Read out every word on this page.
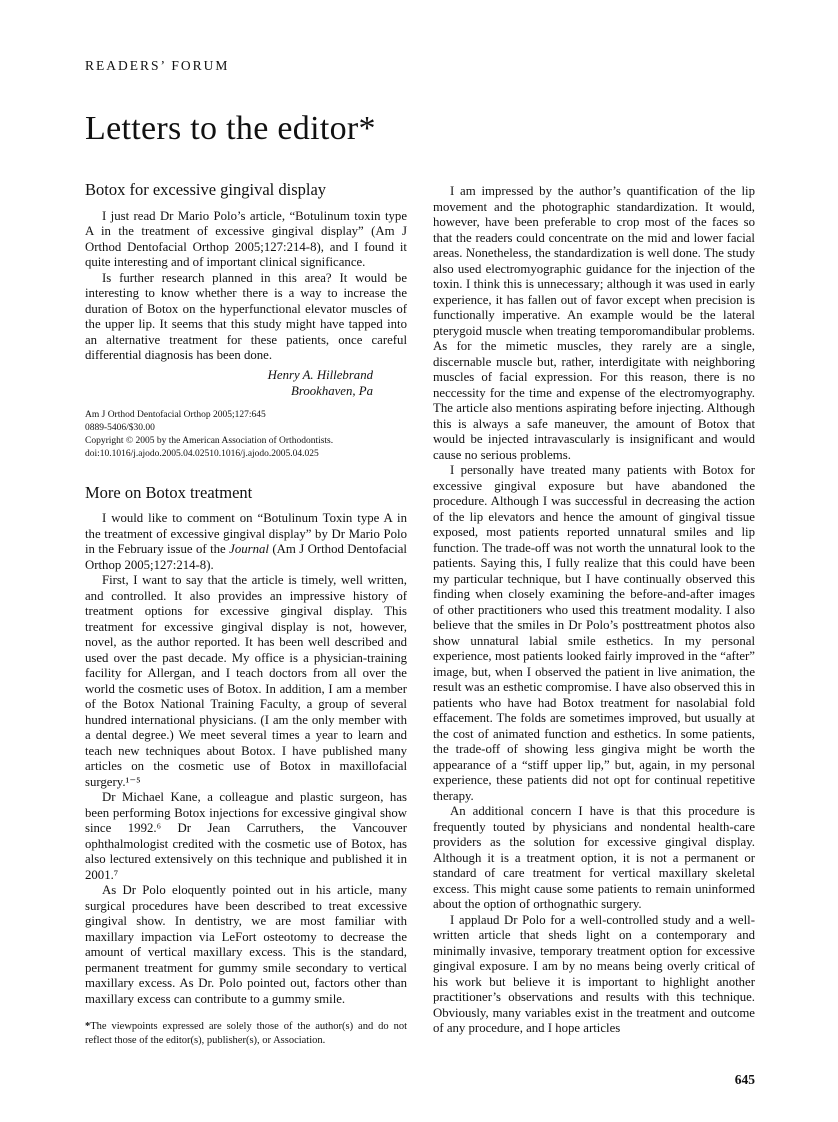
READERS’ FORUM
Letters to the editor*
Botox for excessive gingival display

I just read Dr Mario Polo’s article, “Botulinum toxin type A in the treatment of excessive gingival display” (Am J Orthod Dentofacial Orthop 2005;127:214-8), and I found it quite interesting and of important clinical significance.

Is further research planned in this area? It would be interesting to know whether there is a way to increase the duration of Botox on the hyperfunctional elevator muscles of the upper lip. It seems that this study might have tapped into an alternative treatment for these patients, once careful differential diagnosis has been done.

Henry A. Hillebrand
Brookhaven, Pa
Am J Orthod Dentofacial Orthop 2005;127:645
0889-5406/$30.00
Copyright © 2005 by the American Association of Orthodontists.
doi:10.1016/j.ajodo.2005.04.02510.1016/j.ajodo.2005.04.025
More on Botox treatment

I would like to comment on “Botulinum Toxin type A in the treatment of excessive gingival display” by Dr Mario Polo in the February issue of the Journal (Am J Orthod Dentofacial Orthop 2005;127:214-8).

First, I want to say that the article is timely, well written, and controlled. It also provides an impressive history of treatment options for excessive gingival display. This treatment for excessive gingival display is not, however, novel, as the author reported. It has been well described and used over the past decade. My office is a physician-training facility for Allergan, and I teach doctors from all over the world the cosmetic uses of Botox. In addition, I am a member of the Botox National Training Faculty, a group of several hundred international physicians. (I am the only member with a dental degree.) We meet several times a year to learn and teach new techniques about Botox. I have published many articles on the cosmetic use of Botox in maxillofacial surgery.¹⁻⁵

Dr Michael Kane, a colleague and plastic surgeon, has been performing Botox injections for excessive gingival show since 1992.⁶ Dr Jean Carruthers, the Vancouver ophthalmologist credited with the cosmetic use of Botox, has also lectured extensively on this technique and published it in 2001.⁷

As Dr Polo eloquently pointed out in his article, many surgical procedures have been described to treat excessive gingival show. In dentistry, we are most familiar with maxillary impaction via LeFort osteotomy to decrease the amount of vertical maxillary excess. This is the standard, permanent treatment for gummy smile secondary to vertical maxillary excess. As Dr. Polo pointed out, factors other than maxillary excess can contribute to a gummy smile.

*The viewpoints expressed are solely those of the author(s) and do not reflect those of the editor(s), publisher(s), or Association.

I am impressed by the author’s quantification of the lip movement and the photographic standardization. It would, however, have been preferable to crop most of the faces so that the readers could concentrate on the mid and lower facial areas. Nonetheless, the standardization is well done. The study also used electromyographic guidance for the injection of the toxin. I think this is unnecessary; although it was used in early experience, it has fallen out of favor except when precision is functionally imperative. An example would be the lateral pterygoid muscle when treating temporomandibular problems. As for the mimetic muscles, they rarely are a single, discernable muscle but, rather, interdigitate with neighboring muscles of facial expression. For this reason, there is no neccessity for the time and expense of the electromyography. The article also mentions aspirating before injecting. Although this is always a safe maneuver, the amount of Botox that would be injected intravascularly is insignificant and would cause no serious problems.

I personally have treated many patients with Botox for excessive gingival exposure but have abandoned the procedure. Although I was successful in decreasing the action of the lip elevators and hence the amount of gingival tissue exposed, most patients reported unnatural smiles and lip function. The trade-off was not worth the unnatural look to the patients. Saying this, I fully realize that this could have been my particular technique, but I have continually observed this finding when closely examining the before-and-after images of other practitioners who used this treatment modality. I also believe that the smiles in Dr Polo’s posttreatment photos also show unnatural labial smile esthetics. In my personal experience, most patients looked fairly improved in the “after” image, but, when I observed the patient in live animation, the result was an esthetic compromise. I have also observed this in patients who have had Botox treatment for nasolabial fold effacement. The folds are sometimes improved, but usually at the cost of animated function and esthetics. In some patients, the trade-off of showing less gingiva might be worth the appearance of a “stiff upper lip,” but, again, in my personal experience, these patients did not opt for continual repetitive therapy.

An additional concern I have is that this procedure is frequently touted by physicians and nondental health-care providers as the solution for excessive gingival display. Although it is a treatment option, it is not a permanent or standard of care treatment for vertical maxillary skeletal excess. This might cause some patients to remain uninformed about the option of orthognathic surgery.

I applaud Dr Polo for a well-controlled study and a well-written article that sheds light on a contemporary and minimally invasive, temporary treatment option for excessive gingival exposure. I am by no means being overly critical of his work but believe it is important to highlight another practitioner’s observations and results with this technique. Obviously, many variables exist in the treatment and outcome of any procedure, and I hope articles

645
